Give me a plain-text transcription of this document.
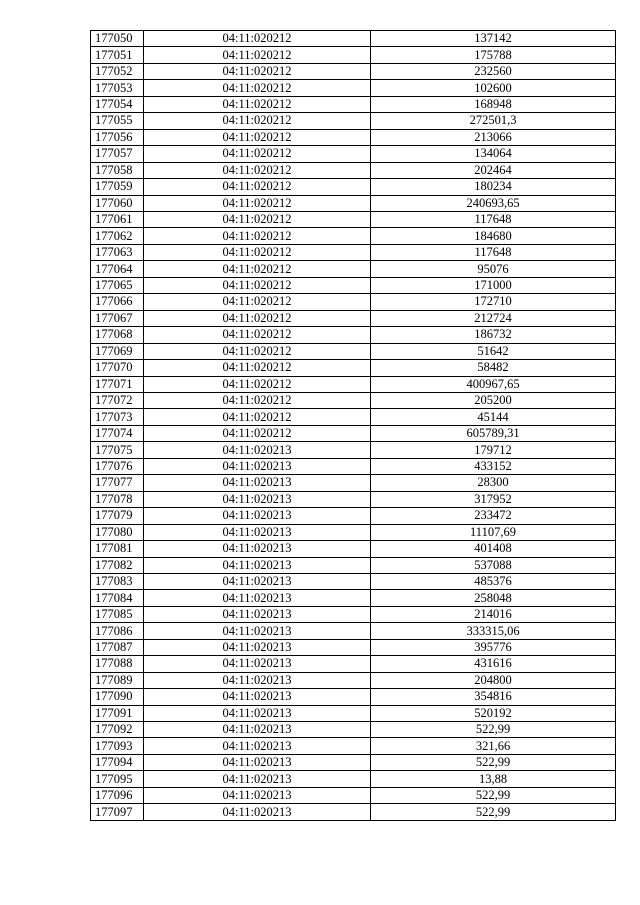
177050	04:11:020212	137142
177051	04:11:020212	175788
177052	04:11:020212	232560
177053	04:11:020212	102600
177054	04:11:020212	168948
177055	04:11:020212	272501,3
177056	04:11:020212	213066
177057	04:11:020212	134064
177058	04:11:020212	202464
177059	04:11:020212	180234
177060	04:11:020212	240693,65
177061	04:11:020212	117648
177062	04:11:020212	184680
177063	04:11:020212	117648
177064	04:11:020212	95076
177065	04:11:020212	171000
177066	04:11:020212	172710
177067	04:11:020212	212724
177068	04:11:020212	186732
177069	04:11:020212	51642
177070	04:11:020212	58482
177071	04:11:020212	400967,65
177072	04:11:020212	205200
177073	04:11:020212	45144
177074	04:11:020212	605789,31
177075	04:11:020213	179712
177076	04:11:020213	433152
177077	04:11:020213	28300
177078	04:11:020213	317952
177079	04:11:020213	233472
177080	04:11:020213	11107,69
177081	04:11:020213	401408
177082	04:11:020213	537088
177083	04:11:020213	485376
177084	04:11:020213	258048
177085	04:11:020213	214016
177086	04:11:020213	333315,06
177087	04:11:020213	395776
177088	04:11:020213	431616
177089	04:11:020213	204800
177090	04:11:020213	354816
177091	04:11:020213	520192
177092	04:11:020213	522,99
177093	04:11:020213	321,66
177094	04:11:020213	522,99
177095	04:11:020213	13,88
177096	04:11:020213	522,99
177097	04:11:020213	522,99
